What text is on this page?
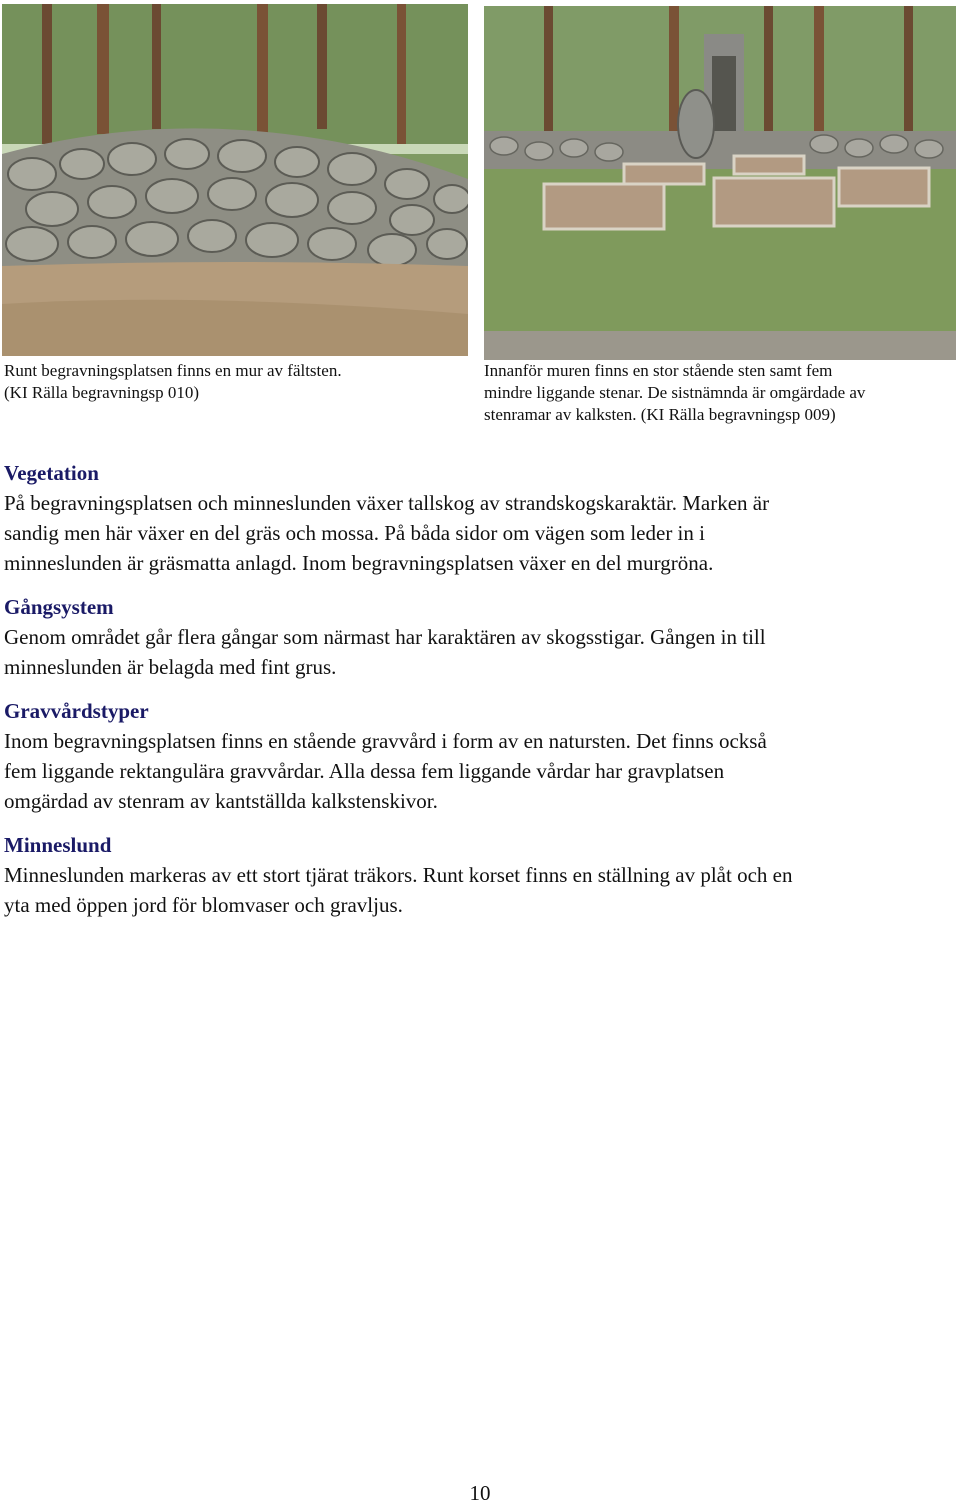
Runt begravningsplatsen finns en mur av fältsten.
(KI Rälla begravningsp 010)
Innanför muren finns en stor stående sten samt fem
mindre liggande stenar. De sistnämnda är omgärdade av
stenramar av kalksten. (KI Rälla begravningsp 009)
Vegetation

På begravningsplatsen och minneslunden växer tallskog av strandskogskaraktär. Marken är
sandig men här växer en del gräs och mossa. På båda sidor om vägen som leder in i
minneslunden är gräsmatta anlagd. Inom begravningsplatsen växer en del murgröna.

Gångsystem

Genom området går flera gångar som närmast har karaktären av skogsstigar. Gången in till
minneslunden är belagda med fint grus.

Gravvårdstyper

Inom begravningsplatsen finns en stående gravvård i form av en natursten. Det finns också
fem liggande rektangulära gravvårdar. Alla dessa fem liggande vårdar har gravplatsen
omgärdad av stenram av kantställda kalkstenskivor.

Minneslund

Minneslunden markeras av ett stort tjärat träkors. Runt korset finns en ställning av plåt och en
yta med öppen jord för blomvaser och gravljus.

10
